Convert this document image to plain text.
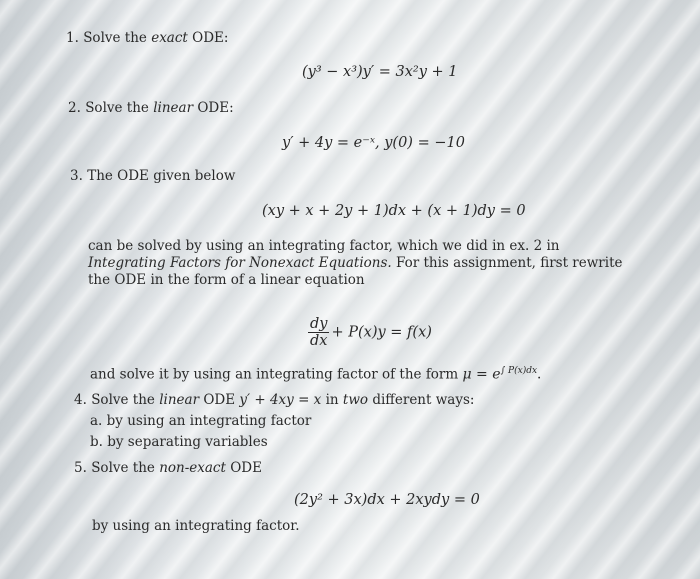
1. Solve the exact ODE:
(y³ − x³)y′ = 3x²y + 1
2. Solve the linear ODE:
y′ + 4y = e⁻ˣ, y(0) = −10
3. The ODE given below
(xy + x + 2y + 1)dx + (x + 1)dy = 0
can be solved by using an integrating factor, which we did in ex. 2 in Integrating Factors for Nonexact Equations. For this assignment, first rewrite the ODE in the form of a linear equation
$\frac{dy}{dx} + P(x)y = f(x)$
and solve it by using an integrating factor of the form $\mu = e^{\int P(x)dx}$.
4. Solve the linear ODE y′ + 4xy = x in two different ways:
a. by using an integrating factor
b. by separating variables
5. Solve the non-exact ODE
(2y² + 3x)dx + 2xydy = 0
by using an integrating factor.
